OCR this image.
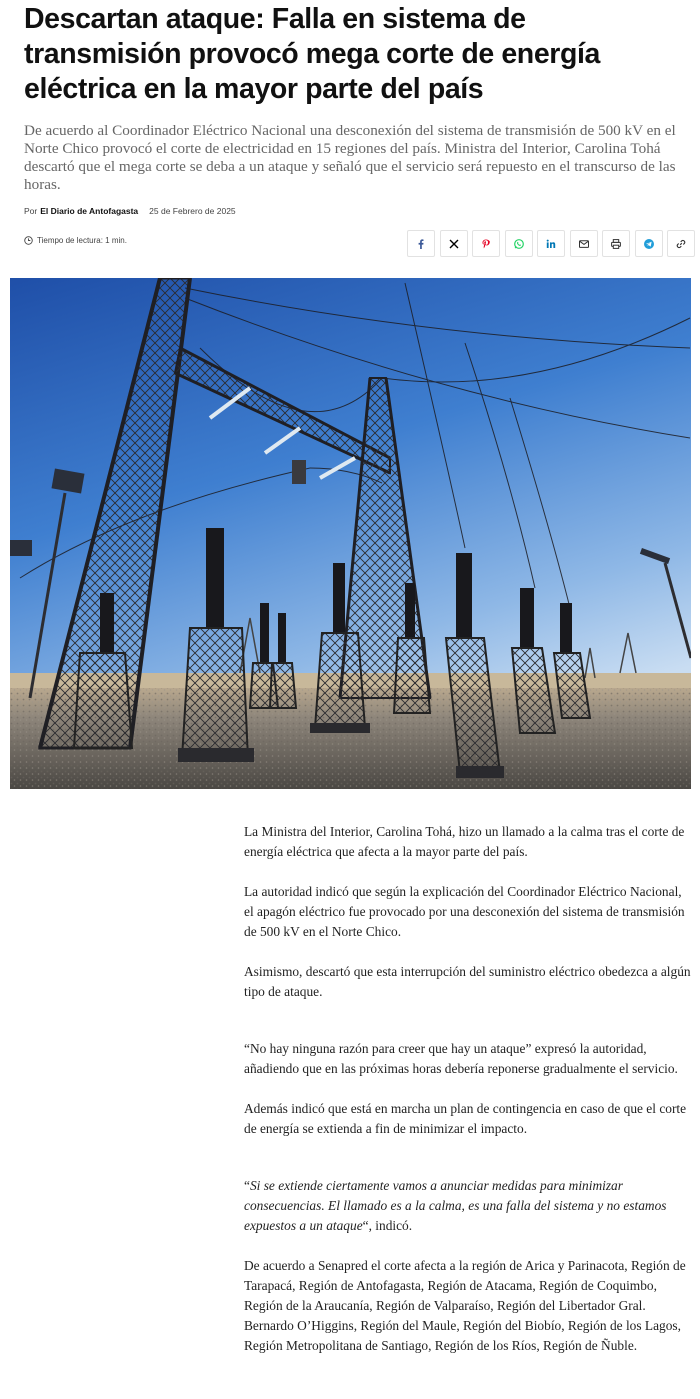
Descartan ataque: Falla en sistema de transmisión provocó mega corte de energía eléctrica en la mayor parte del país

De acuerdo al Coordinador Eléctrico Nacional una desconexión del sistema de transmisión de 500 kV en el Norte Chico provocó el corte de electricidad en 15 regiones del país. Ministra del Interior, Carolina Tohá descartó que el mega corte se deba a un ataque y señaló que el servicio será repuesto en el transcurso de las horas.

Por El Diario de Antofagasta 25 de Febrero de 2025
Tiempo de lectura: 1 min.

La Ministra del Interior, Carolina Tohá, hizo un llamado a la calma tras el corte de energía eléctrica que afecta a la mayor parte del país.

La autoridad indicó que según la explicación del Coordinador Eléctrico Nacional, el apagón eléctrico fue provocado por una desconexión del sistema de transmisión de 500 kV en el Norte Chico.

Asimismo, descartó que esta interrupción del suministro eléctrico obedezca a algún tipo de ataque.

“No hay ninguna razón para creer que hay un ataque” expresó la autoridad, añadiendo que en las próximas horas debería reponerse gradualmente el servicio.

Además indicó que está en marcha un plan de contingencia en caso de que el corte de energía se extienda a fin de minimizar el impacto.

“Si se extiende ciertamente vamos a anunciar medidas para minimizar consecuencias. El llamado es a la calma, es una falla del sistema y no estamos expuestos a un ataque“, indicó.

De acuerdo a Senapred el corte afecta a la región de Arica y Parinacota, Región de Tarapacá, Región de Antofagasta, Región de Atacama, Región de Coquimbo, Región de la Araucanía, Región de Valparaíso, Región del Libertador Gral. Bernardo O’Higgins, Región del Maule, Región del Biobío, Región de los Lagos, Región Metropolitana de Santiago, Región de los Ríos, Región de Ñuble.
